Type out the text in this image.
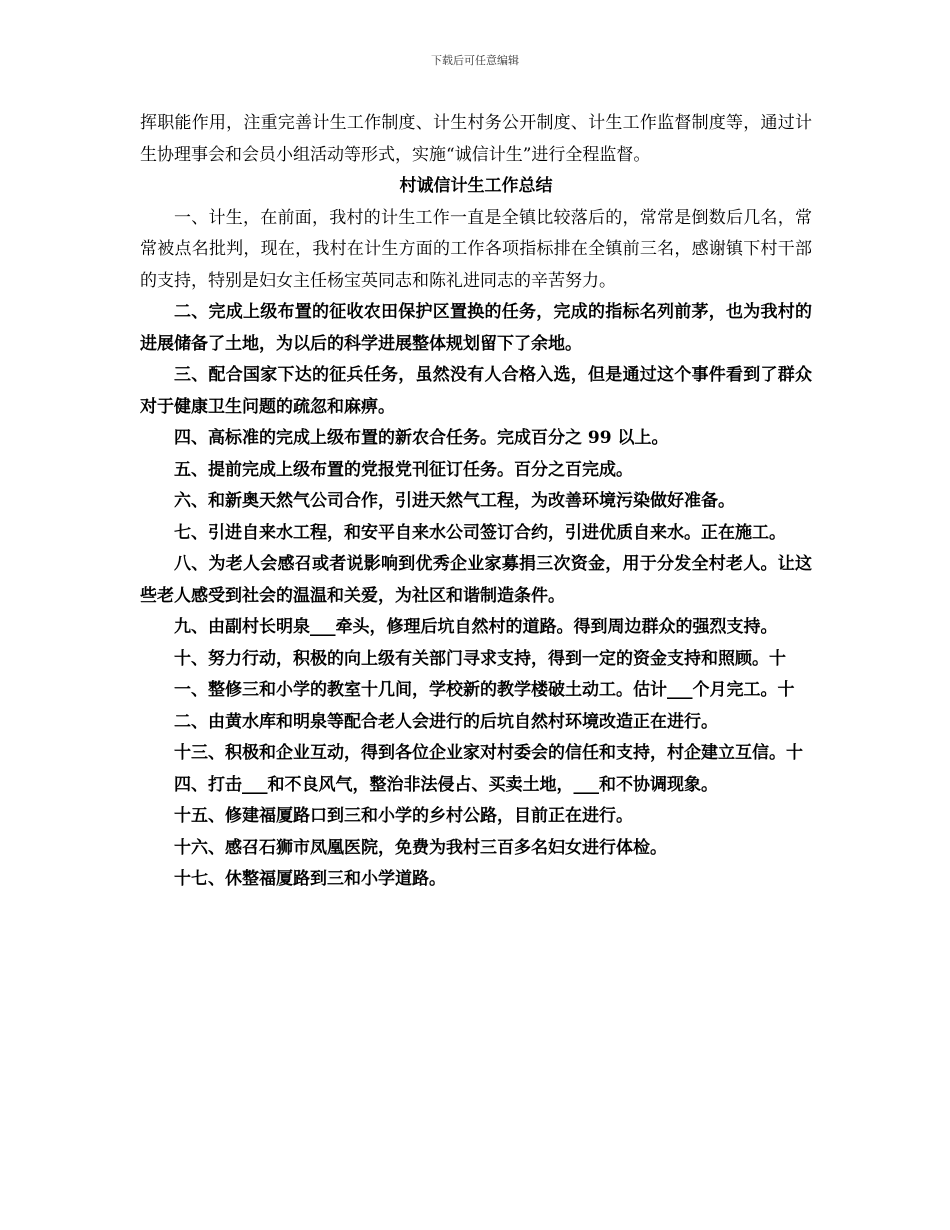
下载后可任意编辑

挥职能作用，注重完善计生工作制度、计生村务公开制度、计生工作监督制度等，通过计生协理事会和会员小组活动等形式，实施“诚信计生”进行全程监督。

村诚信计生工作总结

一、计生，在前面，我村的计生工作一直是全镇比较落后的，常常是倒数后几名，常常被点名批判，现在，我村在计生方面的工作各项指标排在全镇前三名，感谢镇下村干部的支持，特别是妇女主任杨宝英同志和陈礼进同志的辛苦努力。

二、完成上级布置的征收农田保护区置换的任务，完成的指标名列前茅，也为我村的进展储备了土地，为以后的科学进展整体规划留下了余地。

三、配合国家下达的征兵任务，虽然没有人合格入选，但是通过这个事件看到了群众对于健康卫生问题的疏忽和麻痹。

四、高标准的完成上级布置的新农合任务。完成百分之 99 以上。

五、提前完成上级布置的党报党刊征订任务。百分之百完成。

六、和新奥天然气公司合作，引进天然气工程，为改善环境污染做好准备。

七、引进自来水工程，和安平自来水公司签订合约，引进优质自来水。正在施工。

八、为老人会感召或者说影响到优秀企业家募捐三次资金，用于分发全村老人。让这些老人感受到社会的温温和关爱，为社区和谐制造条件。

九、由副村长明泉___牵头，修理后坑自然村的道路。得到周边群众的强烈支持。

十、努力行动，积极的向上级有关部门寻求支持，得到一定的资金支持和照顾。十

一、整修三和小学的教室十几间，学校新的教学楼破土动工。估计___个月完工。十

二、由黄水库和明泉等配合老人会进行的后坑自然村环境改造正在进行。

十三、积极和企业互动，得到各位企业家对村委会的信任和支持，村企建立互信。十

四、打击___和不良风气，整治非法侵占、买卖土地，___和不协调现象。

十五、修建福厦路口到三和小学的乡村公路，目前正在进行。

十六、感召石狮市凤凰医院，免费为我村三百多名妇女进行体检。

十七、休整福厦路到三和小学道路。
